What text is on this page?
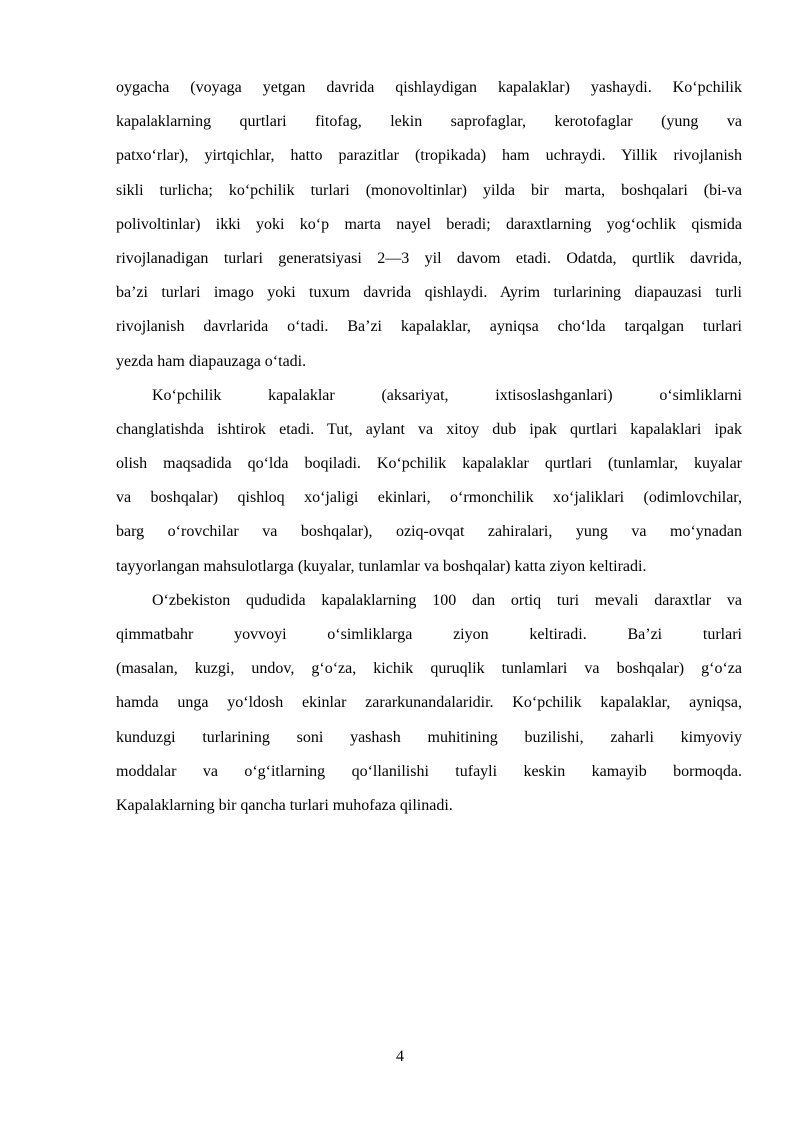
oygacha (voyaga yetgan davrida qishlaydigan kapalaklar) yashaydi. Ko‘pchilik
kapalaklarning qurtlari fitofag, lekin saprofaglar, kerotofaglar (yung va
patxo‘rlar), yirtqichlar, hatto parazitlar (tropikada) ham uchraydi. Yillik rivojlanish
sikli turlicha; ko‘pchilik turlari (monovoltinlar) yilda bir marta, boshqalari (bi-va
polivoltinlar) ikki yoki ko‘p marta nayel beradi; daraxtlarning yog‘ochlik qismida
rivojlanadigan turlari generatsiyasi 2—3 yil davom etadi. Odatda, qurtlik davrida,
ba’zi turlari imago yoki tuxum davrida qishlaydi. Ayrim turlarining diapauzasi turli
rivojlanish davrlarida o‘tadi. Ba’zi kapalaklar, ayniqsa cho‘lda tarqalgan turlari
yezda ham diapauzaga o‘tadi.
Ko‘pchilik kapalaklar (aksariyat, ixtisoslashganlari) o‘simliklarni
changlatishda ishtirok etadi. Tut, aylant va xitoy dub ipak qurtlari kapalaklari ipak
olish maqsadida qo‘lda boqiladi. Ko‘pchilik kapalaklar qurtlari (tunlamlar, kuyalar
va boshqalar) qishloq xo‘jaligi ekinlari, o‘rmonchilik xo‘jaliklari (odimlovchilar,
barg o‘rovchilar va boshqalar), oziq-ovqat zahiralari, yung va mo‘ynadan
tayyorlangan mahsulotlarga (kuyalar, tunlamlar va boshqalar) katta ziyon keltiradi.
O‘zbekiston qududida kapalaklarning 100 dan ortiq turi mevali daraxtlar va
qimmatbahr yovvoyi o‘simliklarga ziyon keltiradi. Ba’zi turlari
(masalan, kuzgi, undov, g‘o‘za, kichik quruqlik tunlamlari va boshqalar) g‘o‘za
hamda unga yo‘ldosh ekinlar zararkunandalaridir. Ko‘pchilik kapalaklar, ayniqsa,
kunduzgi turlarining soni yashash muhitining buzilishi, zaharli kimyoviy
moddalar va o‘g‘itlarning qo‘llanilishi tufayli keskin kamayib bormoqda.
Kapalaklarning bir qancha turlari muhofaza qilinadi.
4
